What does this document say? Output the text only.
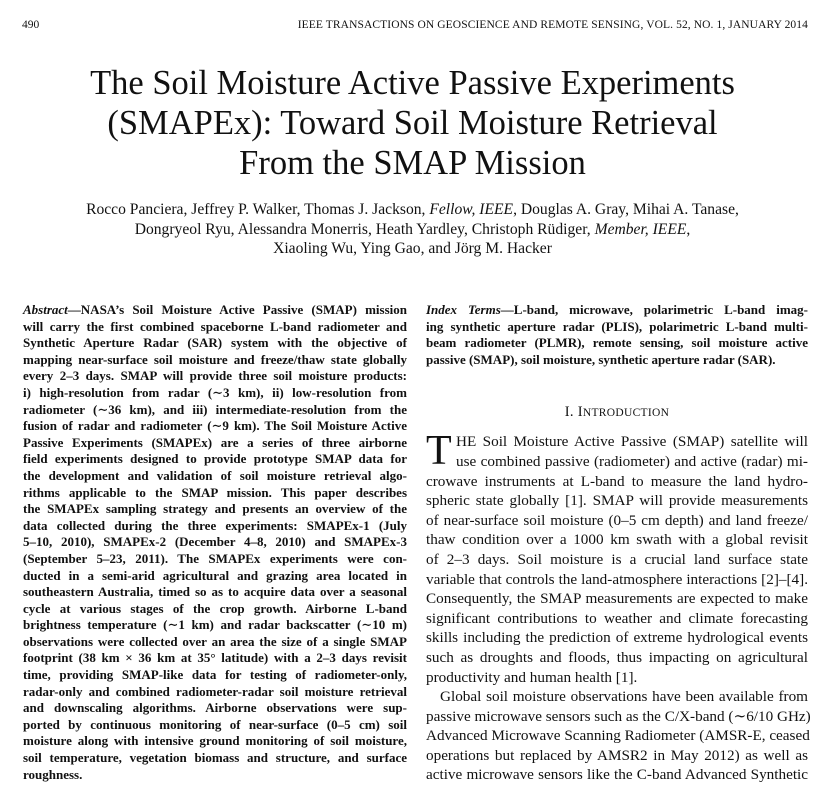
490	IEEE TRANSACTIONS ON GEOSCIENCE AND REMOTE SENSING, VOL. 52, NO. 1, JANUARY 2014
The Soil Moisture Active Passive Experiments
(SMAPEx): Toward Soil Moisture Retrieval
From the SMAP Mission
Rocco Panciera, Jeffrey P. Walker, Thomas J. Jackson, Fellow, IEEE, Douglas A. Gray, Mihai A. Tanase,
Dongryeol Ryu, Alessandra Monerris, Heath Yardley, Christoph Rüdiger, Member, IEEE,
Xiaoling Wu, Ying Gao, and Jörg M. Hacker
Abstract—NASA’s Soil Moisture Active Passive (SMAP) mission
will carry the first combined spaceborne L-band radiometer and
Synthetic Aperture Radar (SAR) system with the objective of
mapping near-surface soil moisture and freeze/thaw state globally
every 2–3 days. SMAP will provide three soil moisture products:
i) high-resolution from radar (∼3 km), ii) low-resolution from
radiometer (∼36 km), and iii) intermediate-resolution from the
fusion of radar and radiometer (∼9 km). The Soil Moisture Active
Passive Experiments (SMAPEx) are a series of three airborne
field experiments designed to provide prototype SMAP data for
the development and validation of soil moisture retrieval algo-
rithms applicable to the SMAP mission. This paper describes
the SMAPEx sampling strategy and presents an overview of the
data collected during the three experiments: SMAPEx-1 (July
5–10, 2010), SMAPEx-2 (December 4–8, 2010) and SMAPEx-3
(September 5–23, 2011). The SMAPEx experiments were con-
ducted in a semi-arid agricultural and grazing area located in
southeastern Australia, timed so as to acquire data over a seasonal
cycle at various stages of the crop growth. Airborne L-band
brightness temperature (∼1 km) and radar backscatter (∼10 m)
observations were collected over an area the size of a single SMAP
footprint (38 km × 36 km at 35° latitude) with a 2–3 days revisit
time, providing SMAP-like data for testing of radiometer-only,
radar-only and combined radiometer-radar soil moisture retrieval
and downscaling algorithms. Airborne observations were sup-
ported by continuous monitoring of near-surface (0–5 cm) soil
moisture along with intensive ground monitoring of soil moisture,
soil temperature, vegetation biomass and structure, and surface
roughness.
Index Terms—L-band, microwave, polarimetric L-band imag-
ing synthetic aperture radar (PLIS), polarimetric L-band multi-
beam radiometer (PLMR), remote sensing, soil moisture active
passive (SMAP), soil moisture, synthetic aperture radar (SAR).
I. INTRODUCTION
T HE Soil Moisture Active Passive (SMAP) satellite will
use combined passive (radiometer) and active (radar) mi-
crowave instruments at L-band to measure the land hydro-
spheric state globally [1]. SMAP will provide measurements
of near-surface soil moisture (0–5 cm depth) and land freeze/
thaw condition over a 1000 km swath with a global revisit
of 2–3 days. Soil moisture is a crucial land surface state
variable that controls the land-atmosphere interactions [2]–[4].
Consequently, the SMAP measurements are expected to make
significant contributions to weather and climate forecasting
skills including the prediction of extreme hydrological events
such as droughts and floods, thus impacting on agricultural
productivity and human health [1].
Global soil moisture observations have been available from
passive microwave sensors such as the C/X-band (∼6/10 GHz)
Advanced Microwave Scanning Radiometer (AMSR-E, ceased
operations but replaced by AMSR2 in May 2012) as well as
active microwave sensors like the C-band Advanced Synthetic
